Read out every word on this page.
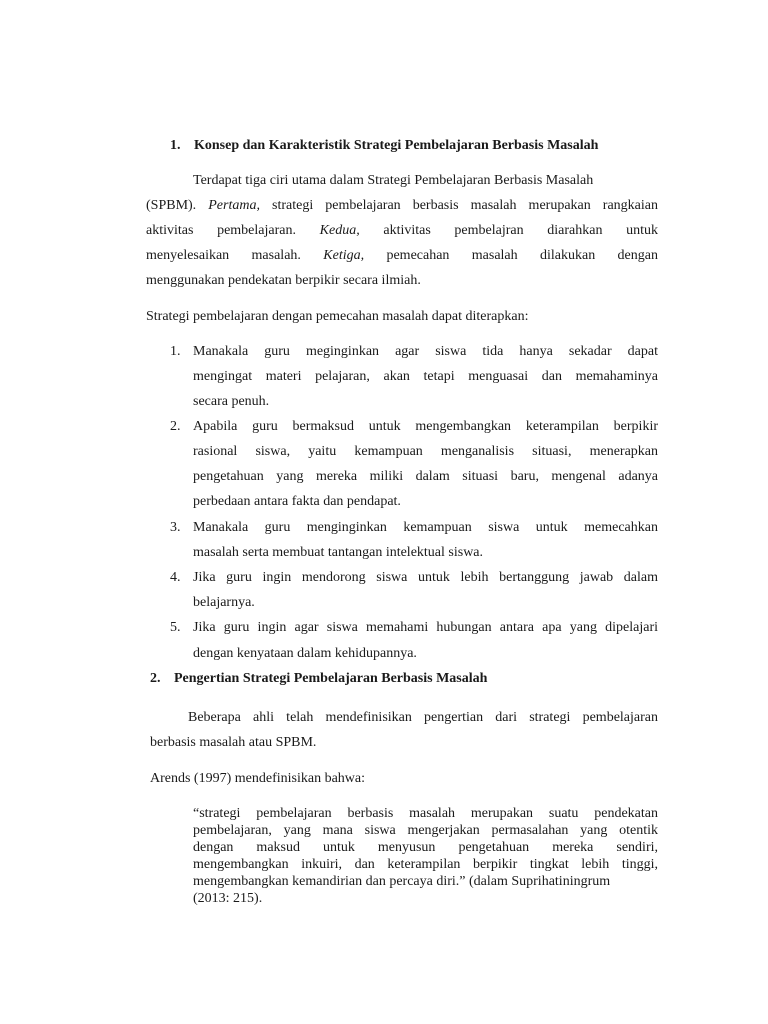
1. Konsep dan Karakteristik Strategi Pembelajaran Berbasis Masalah
Terdapat tiga ciri utama dalam Strategi Pembelajaran Berbasis Masalah
(SPBM). Pertama, strategi pembelajaran berbasis masalah merupakan rangkaian
aktivitas pembelajaran. Kedua, aktivitas pembelajran diarahkan untuk
menyelesaikan masalah. Ketiga, pemecahan masalah dilakukan dengan
menggunakan pendekatan berpikir secara ilmiah.
Strategi pembelajaran dengan pemecahan masalah dapat diterapkan:
1. Manakala guru meginginkan agar siswa tida hanya sekadar dapat
mengingat materi pelajaran, akan tetapi menguasai dan memahaminya
secara penuh.
2. Apabila guru bermaksud untuk mengembangkan keterampilan berpikir
rasional siswa, yaitu kemampuan menganalisis situasi, menerapkan
pengetahuan yang mereka miliki dalam situasi baru, mengenal adanya
perbedaan antara fakta dan pendapat.
3. Manakala guru menginginkan kemampuan siswa untuk memecahkan
masalah serta membuat tantangan intelektual siswa.
4. Jika guru ingin mendorong siswa untuk lebih bertanggung jawab dalam
belajarnya.
5. Jika guru ingin agar siswa memahami hubungan antara apa yang dipelajari
dengan kenyataan dalam kehidupannya.
2. Pengertian Strategi Pembelajaran Berbasis Masalah
Beberapa ahli telah mendefinisikan pengertian dari strategi pembelajaran
berbasis masalah atau SPBM.
Arends (1997) mendefinisikan bahwa:
“strategi pembelajaran berbasis masalah merupakan suatu pendekatan
pembelajaran, yang mana siswa mengerjakan permasalahan yang otentik
dengan maksud untuk menyusun pengetahuan mereka sendiri,
mengembangkan inkuiri, dan keterampilan berpikir tingkat lebih tinggi,
mengembangkan kemandirian dan percaya diri.” (dalam Suprihatiningrum
(2013: 215).
